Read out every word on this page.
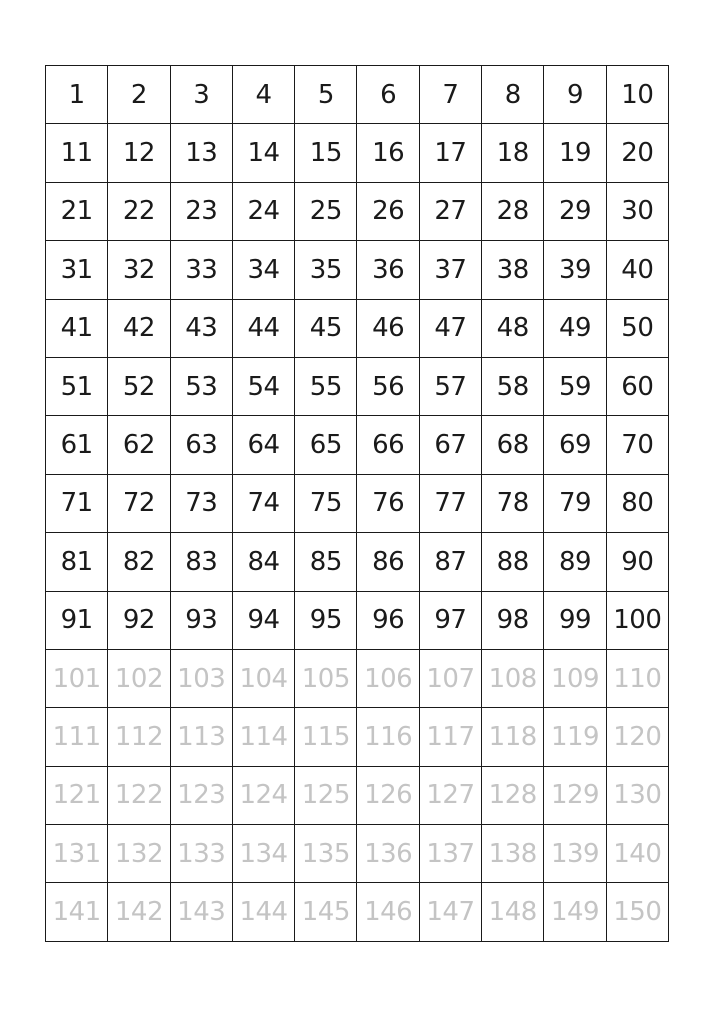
1	2	3	4	5	6	7	8	9	10
11	12	13	14	15	16	17	18	19	20
21	22	23	24	25	26	27	28	29	30
31	32	33	34	35	36	37	38	39	40
41	42	43	44	45	46	47	48	49	50
51	52	53	54	55	56	57	58	59	60
61	62	63	64	65	66	67	68	69	70
71	72	73	74	75	76	77	78	79	80
81	82	83	84	85	86	87	88	89	90
91	92	93	94	95	96	97	98	99	100
101	102	103	104	105	106	107	108	109	110
111	112	113	114	115	116	117	118	119	120
121	122	123	124	125	126	127	128	129	130
131	132	133	134	135	136	137	138	139	140
141	142	143	144	145	146	147	148	149	150
